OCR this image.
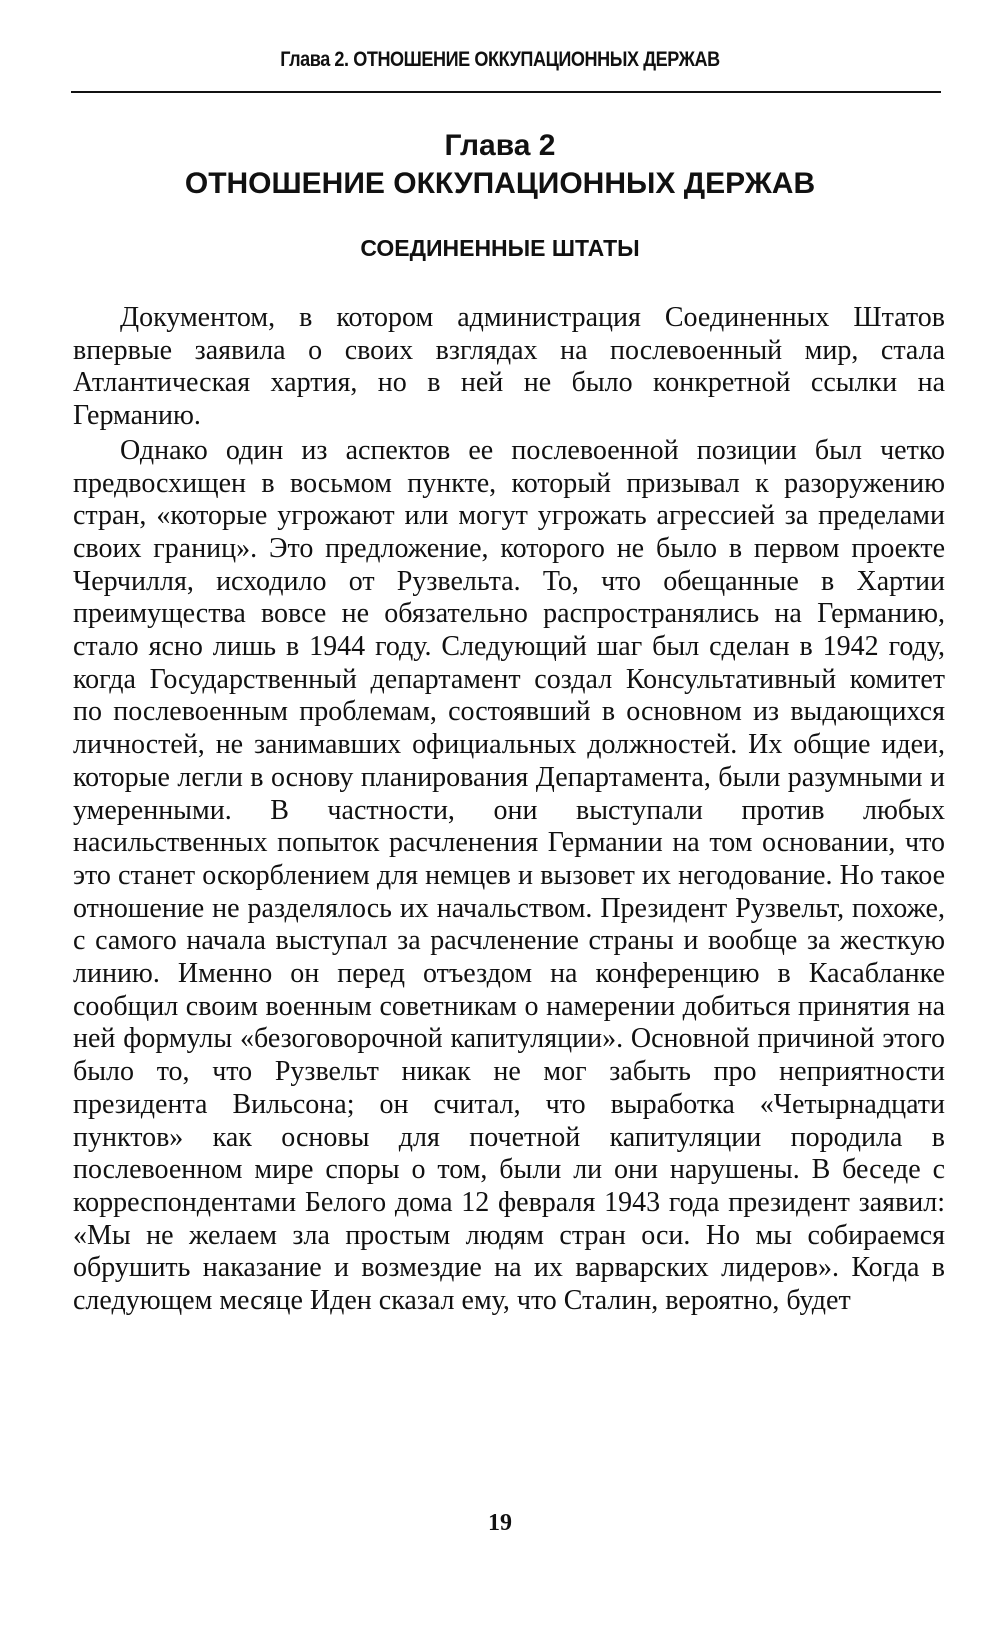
Глава 2. ОТНОШЕНИЕ ОККУПАЦИОННЫХ ДЕРЖАВ
Глава 2
ОТНОШЕНИЕ ОККУПАЦИОННЫХ ДЕРЖАВ
СОЕДИНЕННЫЕ ШТАТЫ

Документом, в котором администрация Соединенных Штатов впервые заявила о своих взглядах на послевоенный мир, стала Атлантическая хартия, но в ней не было конкретной ссылки на Германию.

Однако один из аспектов ее послевоенной позиции был четко предвосхищен в восьмом пункте, который призывал к разоружению стран, «которые угрожают или могут угрожать агрессией за пределами своих границ». Это предложение, которого не было в первом проекте Черчилля, исходило от Рузвельта. То, что обещанные в Хартии преимущества вовсе не обязательно распространялись на Германию, стало ясно лишь в 1944 году. Следующий шаг был сделан в 1942 году, когда Государственный департамент создал Консультативный комитет по послевоенным проблемам, состоявший в основном из выдающихся личностей, не занимавших официальных должностей. Их общие идеи, которые легли в основу планирования Департамента, были разумными и умеренными. В частности, они выступали против любых насильственных попыток расчленения Германии на том основании, что это станет оскорблением для немцев и вызовет их негодование. Но такое отношение не разделялось их начальством. Президент Рузвельт, похоже, с самого начала выступал за расчленение страны и вообще за жесткую линию. Именно он перед отъездом на конференцию в Касабланке сообщил своим военным советникам о намерении добиться принятия на ней формулы «безоговорочной капитуляции». Основной причиной этого было то, что Рузвельт никак не мог забыть про неприятности президента Вильсона; он считал, что выработка «Четырнадцати пунктов» как основы для почетной капитуляции породила в послевоенном мире споры о том, были ли они нарушены. В беседе с корреспондентами Белого дома 12 февраля 1943 года президент заявил: «Мы не желаем зла простым людям стран оси. Но мы собираемся обрушить наказание и возмездие на их варварских лидеров». Когда в следующем месяце Иден сказал ему, что Сталин, вероятно, будет

19
